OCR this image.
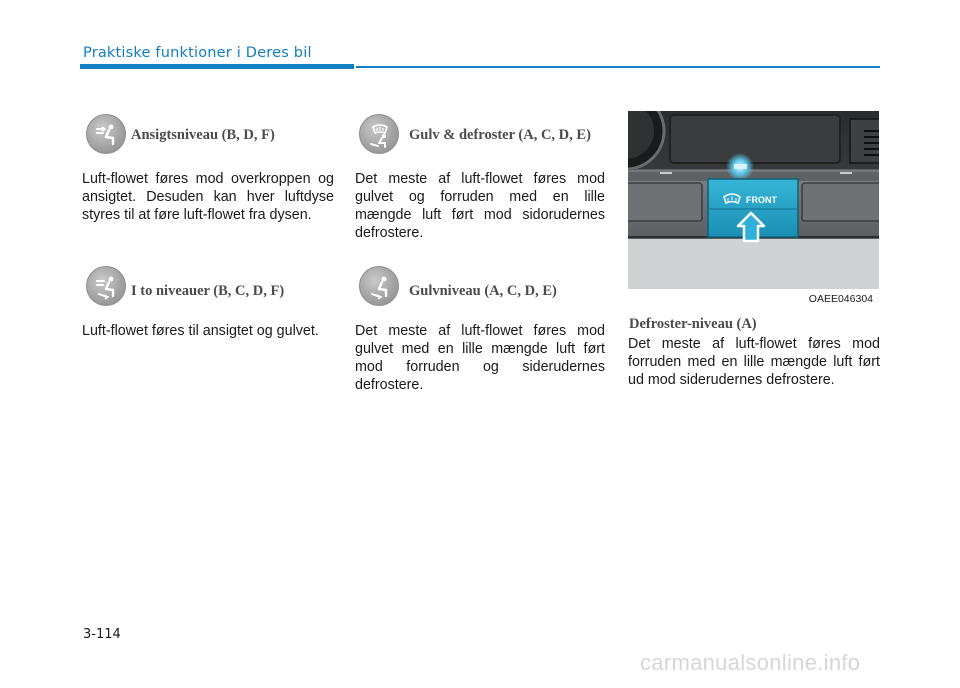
Praktiske funktioner i Deres bil
Ansigtsniveau (B, D, F)
Luft-flowet føres mod overkroppen og ansigtet. Desuden kan hver luftdyse styres til at føre luft-flowet fra dysen.
I to niveauer (B, C, D, F)
Luft-flowet føres til ansigtet og gulvet.
Gulv & defroster (A, C, D, E)
Det meste af luft-flowet føres mod gulvet og forruden med en lille mængde luft ført mod sidorudernes defrostere.
Gulvniveau (A, C, D, E)
Det meste af luft-flowet føres mod gulvet med en lille mængde luft ført mod forruden og siderudernes defrostere.
FRONT
OAEE046304
Defroster-niveau (A)
Det meste af luft-flowet føres mod forruden med en lille mængde luft ført ud mod siderudernes defrostere.
3-114
carmanualsonline.info
